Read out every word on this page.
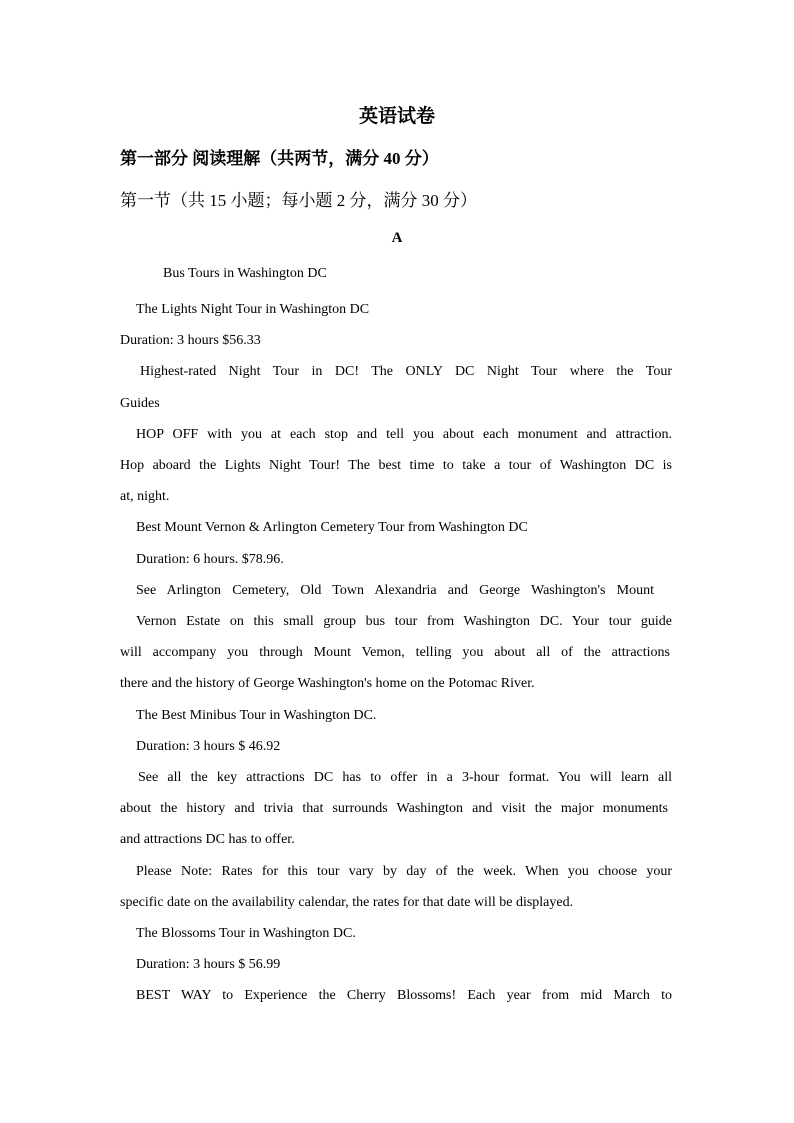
英语试卷
第一部分 阅读理解（共两节，满分 40 分）
第一节（共 15 小题；每小题 2 分，满分 30 分）
A
Bus Tours in Washington DC
The Lights Night Tour in Washington DC
Duration: 3 hours $56.33
Highest-rated Night Tour in DC! The ONLY DC Night Tour where the Tour
Guides
HOP OFF with you at each stop and tell you about each monument and attraction.
Hop aboard the Lights Night Tour! The best time to take a tour of Washington DC is
at, night.
Best Mount Vernon & Arlington Cemetery Tour from Washington DC
Duration: 6 hours. $78.96.
See Arlington Cemetery, Old Town Alexandria and George Washington's Mount
Vernon Estate on this small group bus tour from Washington DC. Your tour guide
will accompany you through Mount Vemon, telling you about all of the attractions
there and the history of George Washington's home on the Potomac River.
The Best Minibus Tour in Washington DC.
Duration: 3 hours $ 46.92
See all the key attractions DC has to offer in a 3-hour format. You will learn all
about the history and trivia that surrounds Washington and visit the major monuments
and attractions DC has to offer.
Please Note: Rates for this tour vary by day of the week. When you choose your
specific date on the availability calendar, the rates for that date will be displayed.
The Blossoms Tour in Washington DC.
Duration: 3 hours $ 56.99
BEST WAY to Experience the Cherry Blossoms! Each year from mid March to
